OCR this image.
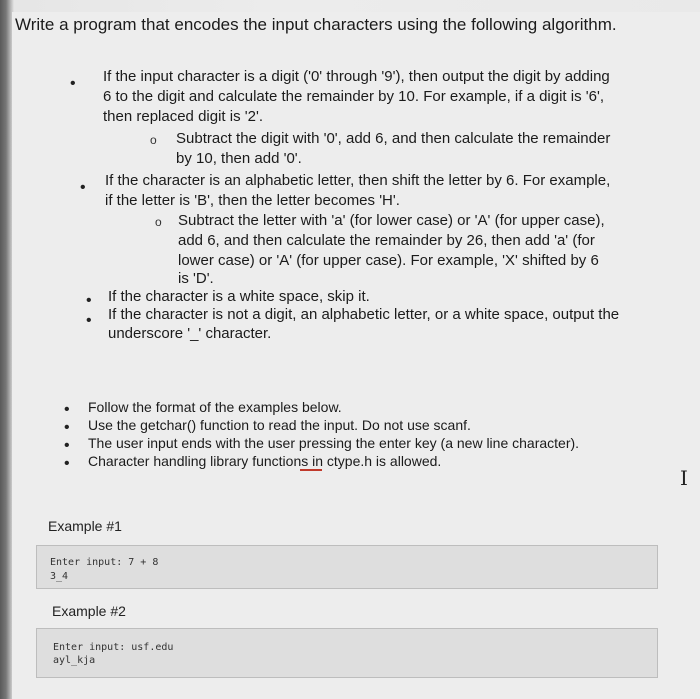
Write a program that encodes the input characters using the following algorithm.
• If the input character is a digit ('0' through '9'), then output the digit by adding
6 to the digit and calculate the remainder by 10. For example, if a digit is '6',
then replaced digit is '2'.
o Subtract the digit with '0', add 6, and then calculate the remainder
by 10, then add '0'.
• If the character is an alphabetic letter, then shift the letter by 6. For example,
if the letter is 'B', then the letter becomes 'H'.
o Subtract the letter with 'a' (for lower case) or 'A' (for upper case),
add 6, and then calculate the remainder by 26, then add 'a' (for
lower case) or 'A' (for upper case). For example, 'X' shifted by 6
is 'D'.
• If the character is a white space, skip it.
• If the character is not a digit, an alphabetic letter, or a white space, output the
underscore '_' character.
• Follow the format of the examples below.
• Use the getchar() function to read the input. Do not use scanf.
• The user input ends with the user pressing the enter key (a new line character).
• Character handling library functions in ctype.h is allowed.
I
Example #1
Enter input: 7 + 8
3_4
Example #2
Enter input: usf.edu
ayl_kja
